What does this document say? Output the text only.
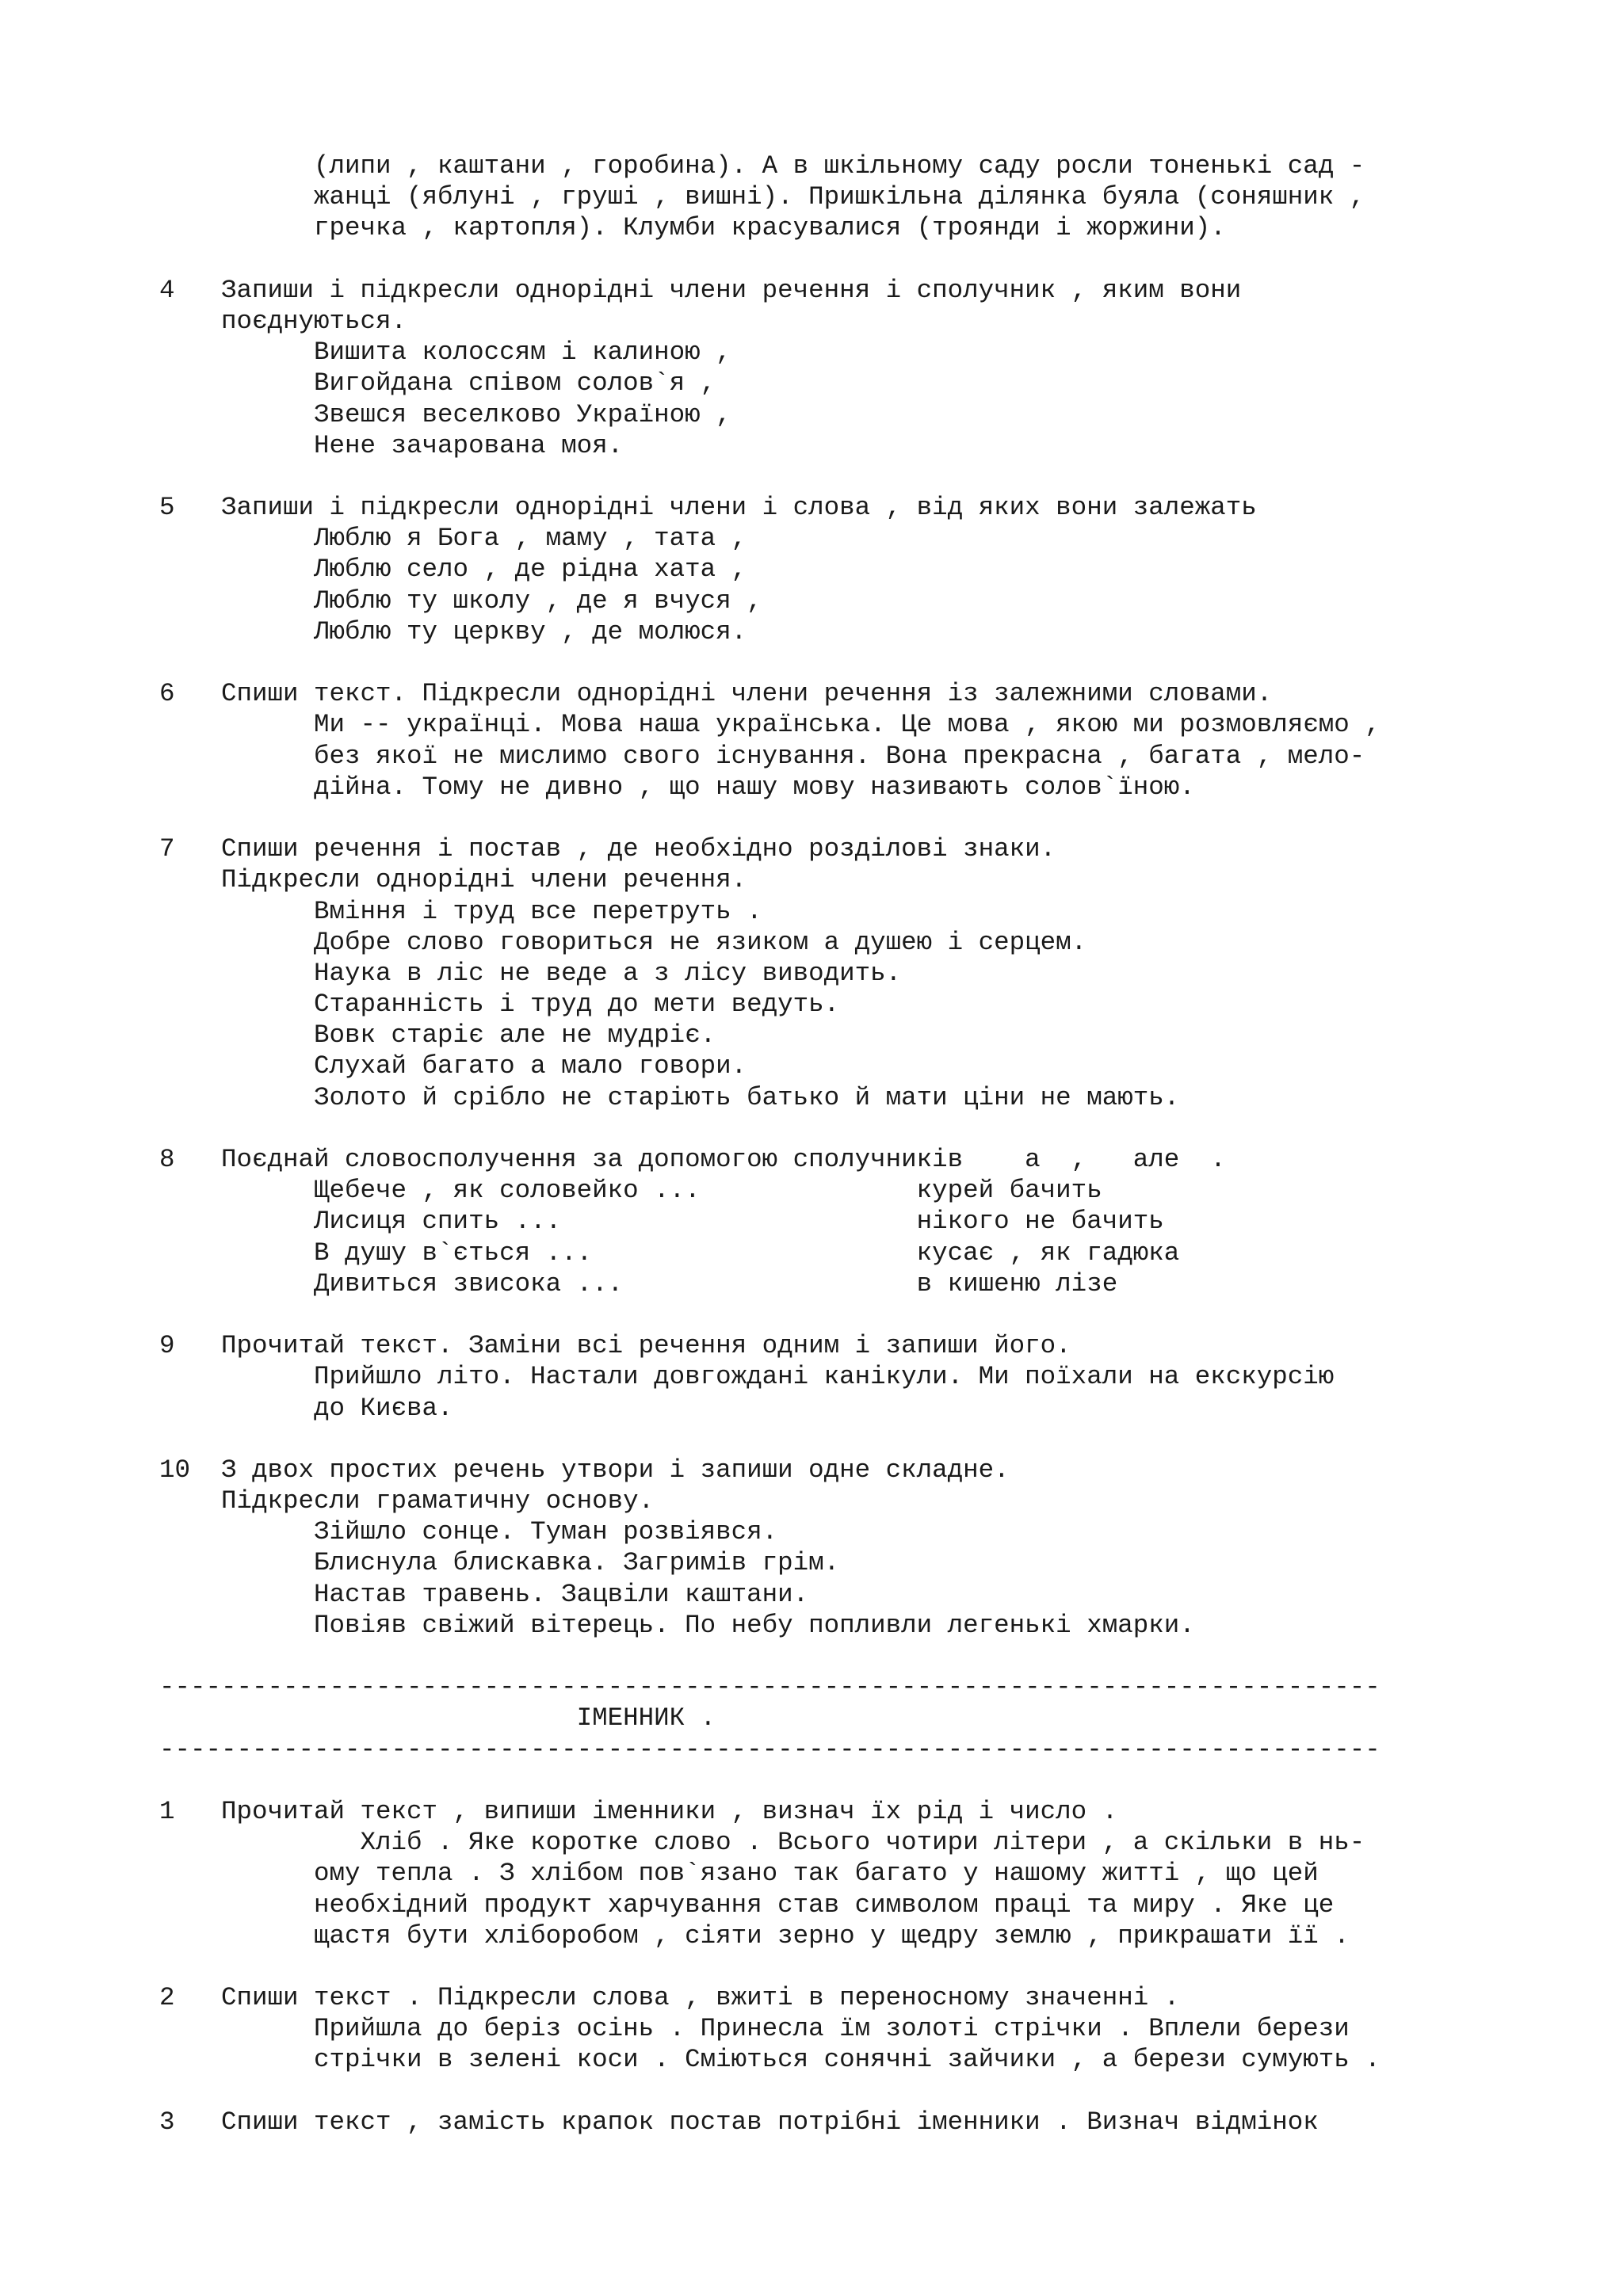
(липи , каштани , горобина). А в шкільному саду росли тоненькі сад -
жанці (яблуні , груші , вишні). Пришкільна ділянка буяла (соняшник ,
гречка , картопля). Клумби красувалися (троянди і жоржини).

4   Запиши і підкресли однорідні члени речення і сполучник , яким вони
поєднуються.
Вишита колоссям і калиною ,
Вигойдана співом солов`я ,
Звешся веселково Україною ,
Нене зачарована моя.

5   Запиши і підкресли однорідні члени і слова , від яких вони залежать
Люблю я Бога , маму , тата ,
Люблю село , де рідна хата ,
Люблю ту школу , де я вчуся ,
Люблю ту церкву , де молюся.

6   Спиши текст. Підкресли однорідні члени речення із залежними словами.
Ми -- українці. Мова наша українська. Це мова , якою ми розмовляємо ,
без якої не мислимо свого існування. Вона прекрасна , багата , мело-
дійна. Тому не дивно , що нашу мову називають солов`їною.

7   Спиши речення і постав , де необхідно розділові знаки.
Підкресли однорідні члени речення.
Вміння і труд все перетруть .
Добре слово говориться не язиком а душею і серцем.
Наука в ліс не веде а з лісу виводить.
Старанність і труд до мети ведуть.
Вовк старіє але не мудріє.
Слухай багато а мало говори.
Золото й срібло не старіють батько й мати ціни не мають.

8   Поєднай словосполучення за допомогою сполучників    а  ,   але  .
Щебече , як соловейко ...              курей бачить
Лисиця спить ...                       нікого не бачить
В душу в`ється ...                     кусає , як гадюка
Дивиться звисока ...                   в кишеню лізе

9   Прочитай текст. Заміни всі речення одним і запиши його.
Прийшло літо. Настали довгождані канікули. Ми поїхали на екскурсію
до Києва.

10  З двох простих речень утвори і запиши одне складне.
Підкресли граматичну основу.
Зійшло сонце. Туман розвіявся.
Блиснула блискавка. Загримів грім.
Настав травень. Зацвіли каштани.
Повіяв свіжий вітерець. По небу попливли легенькі хмарки.

-------------------------------------------------------------------------------
ІМЕННИК .
-------------------------------------------------------------------------------

1   Прочитай текст , випиши іменники , визнач їх рід і число .
Хліб . Яке коротке слово . Всього чотири літери , а скільки в нь-
ому тепла . З хлібом пов`язано так багато у нашому житті , що цей
необхідний продукт харчування став символом праці та миру . Яке це
щастя бути хліборобом , сіяти зерно у щедру землю , прикрашати її .

2   Спиши текст . Підкресли слова , вжиті в переносному значенні .
Прийшла до беріз осінь . Принесла їм золоті стрічки . Вплели берези
стрічки в зелені коси . Сміються сонячні зайчики , а берези сумують .

3   Спиши текст , замість крапок постав потрібні іменники . Визнач відмінок
